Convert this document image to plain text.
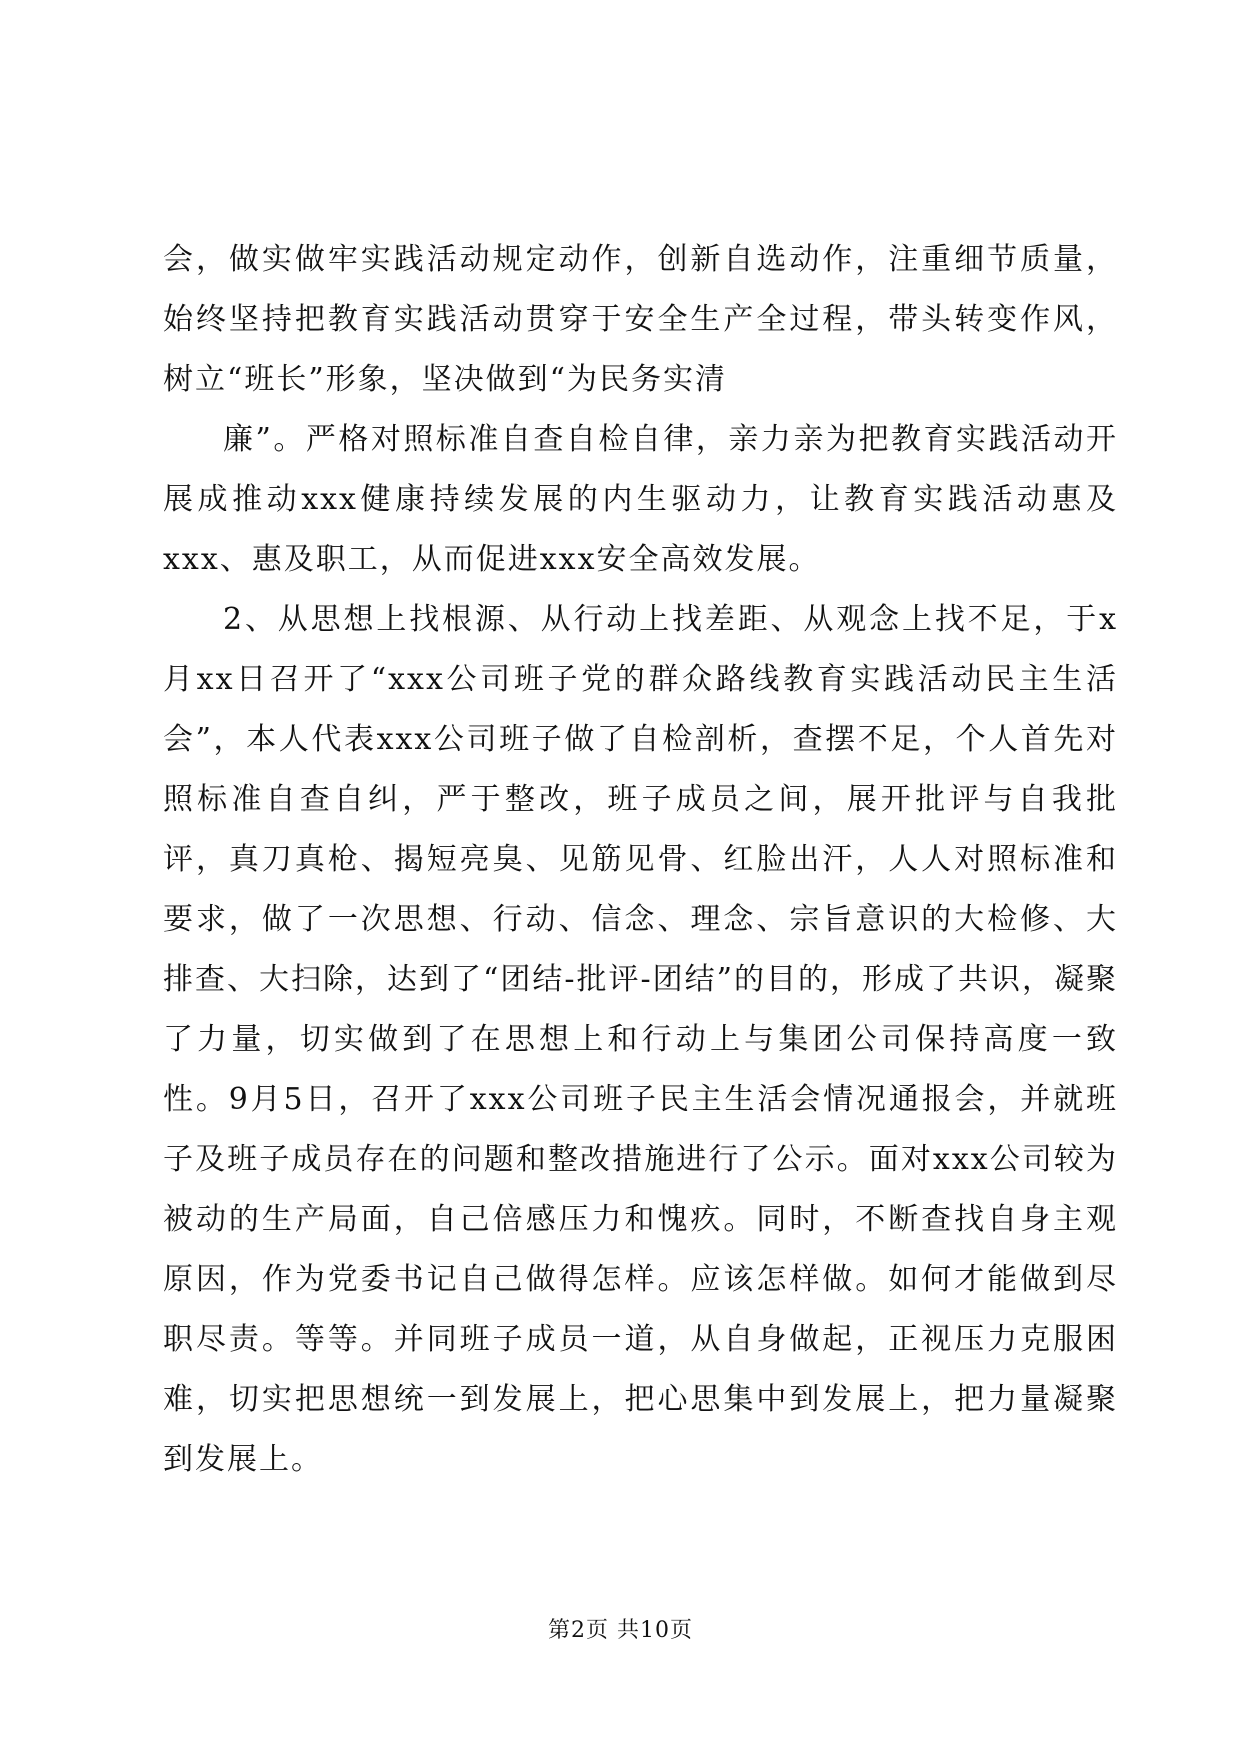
会，做实做牢实践活动规定动作，创新自选动作，注重细节质量，始终坚持把教育实践活动贯穿于安全生产全过程，带头转变作风，树立“班长”形象，坚决做到“为民务实清

廉”。严格对照标准自查自检自律，亲力亲为把教育实践活动开展成推动xxx健康持续发展的内生驱动力，让教育实践活动惠及xxx、惠及职工，从而促进xxx安全高效发展。

2、从思想上找根源、从行动上找差距、从观念上找不足，于x月xx日召开了“xxx公司班子党的群众路线教育实践活动民主生活会”，本人代表xxx公司班子做了自检剖析，查摆不足，个人首先对照标准自查自纠，严于整改，班子成员之间，展开批评与自我批评，真刀真枪、揭短亮臭、见筋见骨、红脸出汗，人人对照标准和要求，做了一次思想、行动、信念、理念、宗旨意识的大检修、大排查、大扫除，达到了“团结-批评-团结”的目的，形成了共识，凝聚了力量，切实做到了在思想上和行动上与集团公司保持高度一致性。9月5日，召开了xxx公司班子民主生活会情况通报会，并就班子及班子成员存在的问题和整改措施进行了公示。面对xxx公司较为被动的生产局面，自己倍感压力和愧疚。同时，不断查找自身主观原因，作为党委书记自己做得怎样。应该怎样做。如何才能做到尽职尽责。等等。并同班子成员一道，从自身做起，正视压力克服困难，切实把思想统一到发展上，把心思集中到发展上，把力量凝聚到发展上。

第2页 共10页
